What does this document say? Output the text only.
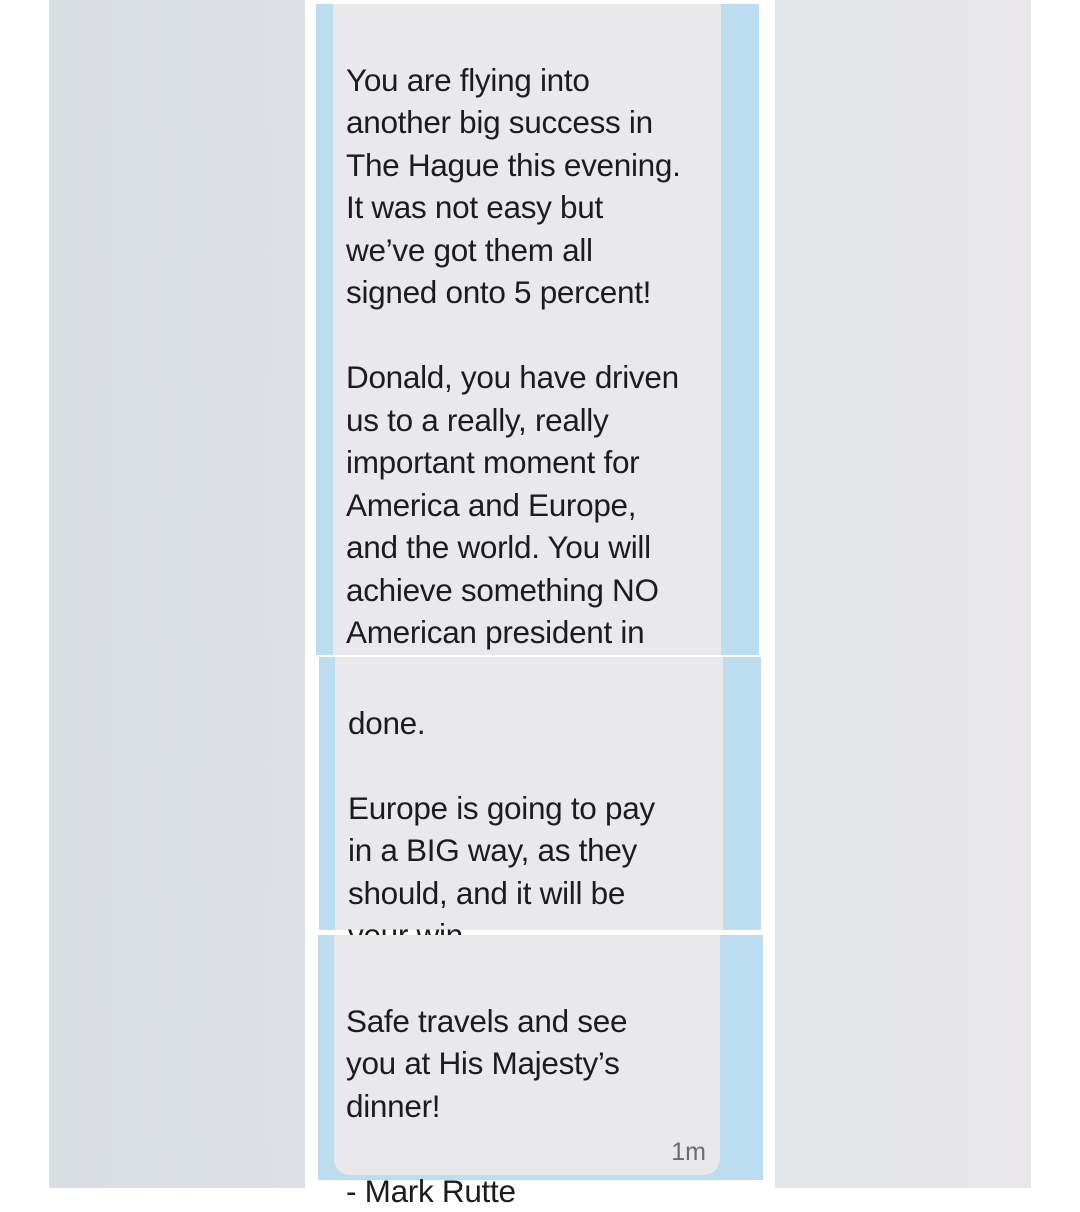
You are flying into
another big success in
The Hague this evening.
It was not easy but
we’ve got them all
signed onto 5 percent!

Donald, you have driven
us to a really, really
important moment for
America and Europe,
and the world. You will
achieve something NO
American president in

done.

Europe is going to pay
in a BIG way, as they
should, and it will be

Safe travels and see
you at His Majesty’s
dinner!

- Mark Rutte

1m
